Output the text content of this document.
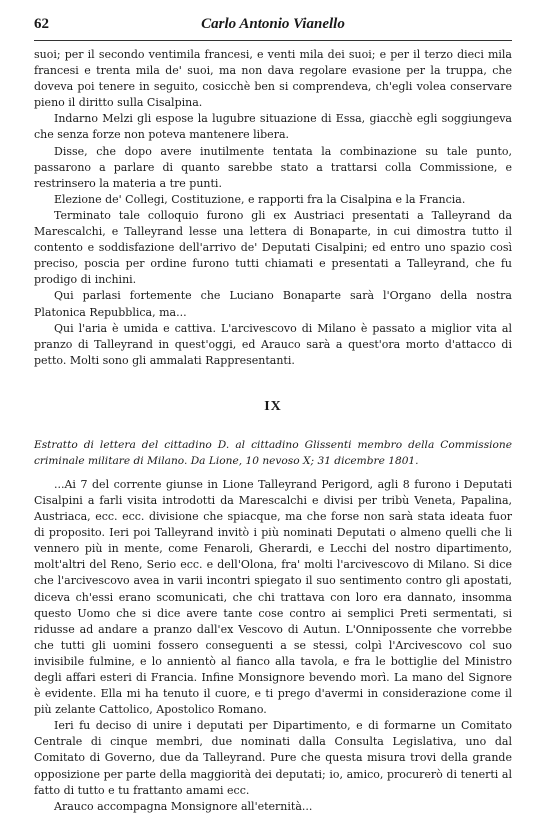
62	Carlo Antonio Vianello

suoi; per il secondo ventimila francesi, e venti mila dei suoi; e per il terzo dieci mila francesi e trenta mila de' suoi, ma non dava regolare evasione per la truppa, che doveva poi tenere in seguito, cosicchè ben si comprendeva, ch'egli volea conservare pieno il diritto sulla Cisalpina.

Indarno Melzi gli espose la lugubre situazione di Essa, giacchè egli soggiungeva che senza forze non poteva mantenere libera.

Disse, che dopo avere inutilmente tentata la combinazione su tale punto, passarono a parlare di quanto sarebbe stato a trattarsi colla Commissione, e restrinsero la materia a tre punti.

Elezione de' Collegi, Costituzione, e rapporti fra la Cisalpina e la Francia.

Terminato tale colloquio furono gli ex Austriaci presentati a Talleyrand da Marescalchi, e Talleyrand lesse una lettera di Bonaparte, in cui dimostra tutto il contento e soddisfazione dell'arrivo de' Deputati Cisalpini; ed entro uno spazio così preciso, poscia per ordine furono tutti chiamati e presentati a Talleyrand, che fu prodigo di inchini.

Qui parlasi fortemente che Luciano Bonaparte sarà l'Organo della nostra Platonica Repubblica, ma...

Qui l'aria è umida e cattiva. L'arcivescovo di Milano è passato a miglior vita al pranzo di Talleyrand in quest'oggi, ed Arauco sarà a quest'ora morto d'attacco di petto. Molti sono gli ammalati Rappresentanti.

IX
Estratto di lettera del cittadino D. al cittadino Glissenti membro della Commissione criminale militare di Milano. Da Lione, 10 nevoso X; 31 dicembre 1801.

...Ai 7 del corrente giunse in Lione Talleyrand Perigord, agli 8 furono i Deputati Cisalpini a farli visita introdotti da Marescalchi e divisi per tribù Veneta, Papalina, Austriaca, ecc. ecc. divisione che spiacque, ma che forse non sarà stata ideata fuor di proposito. Ieri poi Talleyrand invitò i più nominati Deputati o almeno quelli che li vennero più in mente, come Fenaroli, Gherardi, e Lecchi del nostro dipartimento, molt'altri del Reno, Serio ecc. e dell'Olona, fra' molti l'arcivescovo di Milano. Si dice che l'arcivescovo avea in varii incontri spiegato il suo sentimento contro gli apostati, diceva ch'essi erano scomunicati, che chi trattava con loro era dannato, insomma questo Uomo che si dice avere tante cose contro ai semplici Preti sermentati, si ridusse ad andare a pranzo dall'ex Vescovo di Autun. L'Onnipossente che vorrebbe che tutti gli uomini fossero conseguenti a se stessi, colpì l'Arcivescovo col suo invisibile fulmine, e lo annientò al fianco alla tavola, e fra le bottiglie del Ministro degli affari esteri di Francia. Infine Monsignore bevendo morì. La mano del Signore è evidente. Ella mi ha tenuto il cuore, e ti prego d'avermi in considerazione come il più zelante Cattolico, Apostolico Romano.

Ieri fu deciso di unire i deputati per Dipartimento, e di formarne un Comitato Centrale di cinque membri, due nominati dalla Consulta Legislativa, uno dal Comitato di Governo, due da Talleyrand. Pure che questa misura trovi della grande opposizione per parte della maggiorità dei deputati; io, amico, procurerò di tenerti al fatto di tutto e tu frattanto amami ecc.

Arauco accompagna Monsignore all'eternità...
